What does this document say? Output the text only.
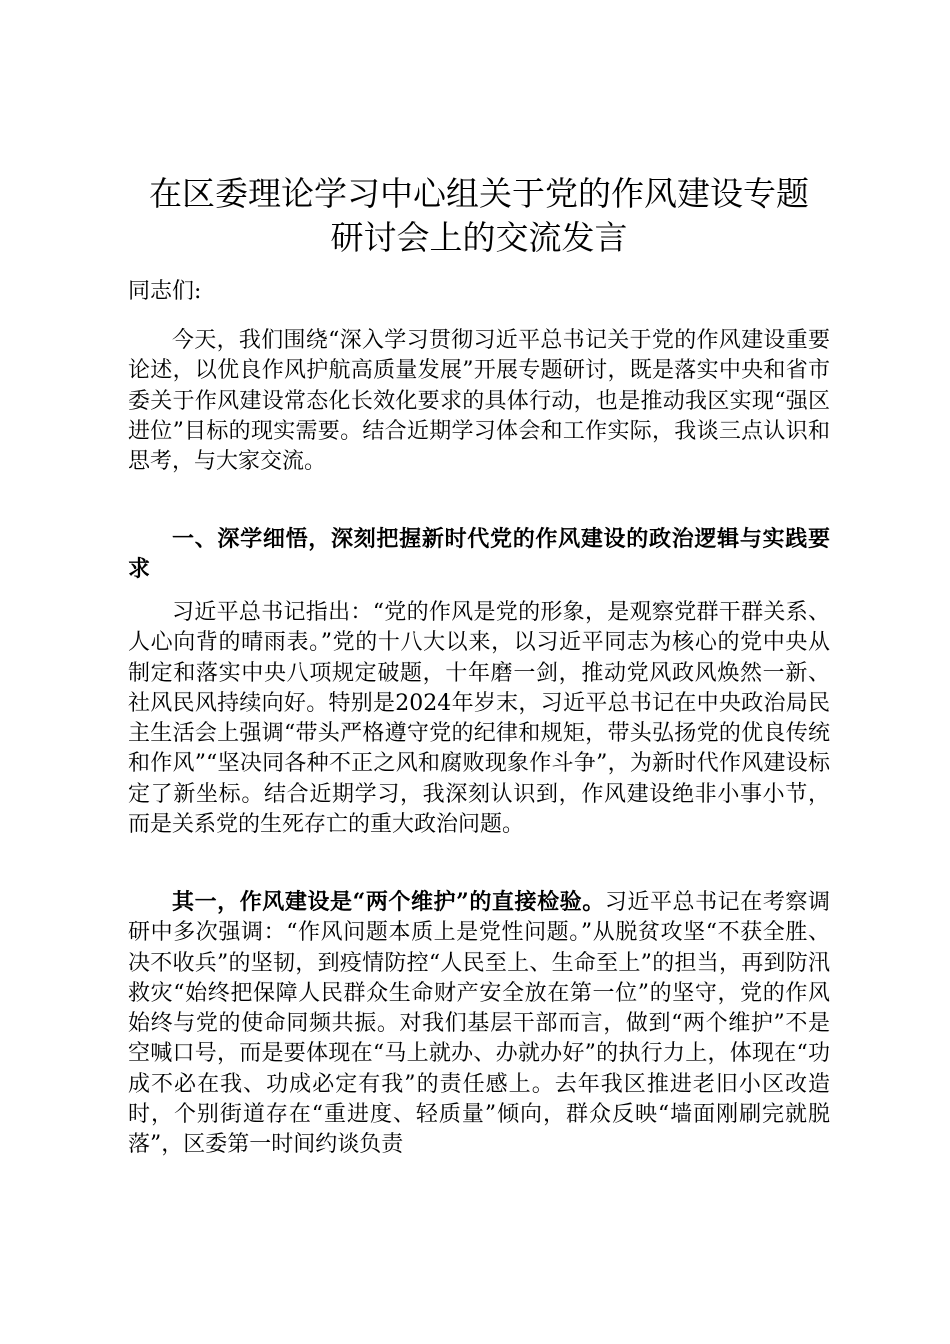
在区委理论学习中心组关于党的作风建设专题
研讨会上的交流发言

同志们:

今天，我们围绕“深入学习贯彻习近平总书记关于党的作风建设重要论述，以优良作风护航高质量发展”开展专题研讨，既是落实中央和省市委关于作风建设常态化长效化要求的具体行动，也是推动我区实现“强区进位”目标的现实需要。结合近期学习体会和工作实际，我谈三点认识和思考，与大家交流。

一、深学细悟，深刻把握新时代党的作风建设的政治逻辑与实践要求

习近平总书记指出：“党的作风是党的形象，是观察党群干群关系、人心向背的晴雨表。”党的十八大以来，以习近平同志为核心的党中央从制定和落实中央八项规定破题，十年磨一剑，推动党风政风焕然一新、社风民风持续向好。特别是2024年岁末，习近平总书记在中央政治局民主生活会上强调“带头严格遵守党的纪律和规矩，带头弘扬党的优良传统和作风”“坚决同各种不正之风和腐败现象作斗争”，为新时代作风建设标定了新坐标。结合近期学习，我深刻认识到，作风建设绝非小事小节，而是关系党的生死存亡的重大政治问题。

其一，作风建设是“两个维护”的直接检验。习近平总书记在考察调研中多次强调：“作风问题本质上是党性问题。”从脱贫攻坚“不获全胜、决不收兵”的坚韧，到疫情防控“人民至上、生命至上”的担当，再到防汛救灾“始终把保障人民群众生命财产安全放在第一位”的坚守，党的作风始终与党的使命同频共振。对我们基层干部而言，做到“两个维护”不是空喊口号，而是要体现在“马上就办、办就办好”的执行力上，体现在“功成不必在我、功成必定有我”的责任感上。去年我区推进老旧小区改造时，个别街道存在“重进度、轻质量”倾向，群众反映“墙面刚刷完就脱落”，区委第一时间约谈负责
